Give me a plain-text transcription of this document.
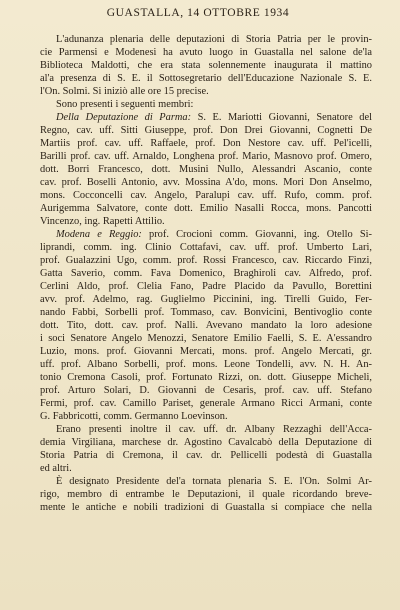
GUASTALLA, 14 OTTOBRE 1934

L'adunanza plenaria delle deputazioni di Storia Patria per le provin-
cie Parmensi e Modenesi ha avuto luogo in Guastalla nel salone de'la
Biblioteca Maldotti, che era stata solennemente inaugurata il mattino
al'a presenza di S. E. il Sottosegretario dell'Educazione Nazionale S. E.
l'On. Solmi. Si iniziò alle ore 15 precise.

Sono presenti i seguenti membri:

Della Deputazione di Parma: S. E. Mariotti Giovanni, Senatore del
Regno, cav. uff. Sitti Giuseppe, prof. Don Drei Giovanni, Cognetti De
Martiis prof. cav. uff. Raffaele, prof. Don Nestore cav. uff. Pel'icelli,
Barilli prof. cav. uff. Arnaldo, Longhena prof. Mario, Masnovo prof. Omero,
dott. Borri Francesco, dott. Musini Nullo, Alessandri Ascanio, conte
cav. prof. Boselli Antonio, avv. Mossina A'do, mons. Mori Don Anselmo,
mons. Cocconcelli cav. Angelo, Paralupi cav. uff. Rufo, comm. prof.
Aurigemma Salvatore, conte dott. Emilio Nasalli Rocca, mons. Pancotti
Vincenzo, ing. Rapetti Attilio.

Modena e Reggio: prof. Crocioni comm. Giovanni, ing. Otello Si-
liprandi, comm. ing. Clinio Cottafavi, cav. uff. prof. Umberto Lari,
prof. Gualazzini Ugo, comm. prof. Rossi Francesco, cav. Riccardo Finzi,
Gatta Saverio, comm. Fava Domenico, Braghiroli cav. Alfredo, prof.
Cerlini Aldo, prof. Clelia Fano, Padre Placido da Pavullo, Borettini
avv. prof. Adelmo, rag. Guglielmo Piccinini, ing. Tirelli Guido, Fer-
nando Fabbi, Sorbelli prof. Tommaso, cav. Bonvicini, Bentivoglio conte
dott. Tito, dott. cav. prof. Nalli. Avevano mandato la loro adesione
i soci Senatore Angelo Menozzi, Senatore Emilio Faelli, S. E. A'essandro
Luzio, mons. prof. Giovanni Mercati, mons. prof. Angelo Mercati, gr.
uff. prof. Albano Sorbelli, prof. mons. Leone Tondelli, avv. N. H. An-
tonio Cremona Casoli, prof. Fortunato Rizzi, on. dott. Giuseppe Micheli,
prof. Arturo Solari, D. Giovanni de Cesaris, prof. cav. uff. Stefano
Fermi, prof. cav. Camillo Pariset, generale Armano Ricci Armani, conte
G. Fabbricotti, comm. Germanno Loevinson.

Erano presenti inoltre il cav. uff. dr. Albany Rezzaghi dell'Acca-
demia Virgiliana, marchese dr. Agostino Cavalcabò della Deputazione di
Storia Patria di Cremona, il cav. dr. Pellicelli podestà di Guastalla
ed altri.

È designato Presidente del'a tornata plenaria S. E. l'On. Solmi Ar-
rigo, membro di entrambe le Deputazioni, il quale ricordando breve-
mente le antiche e nobili tradizioni di Guastalla si compiace che nella
